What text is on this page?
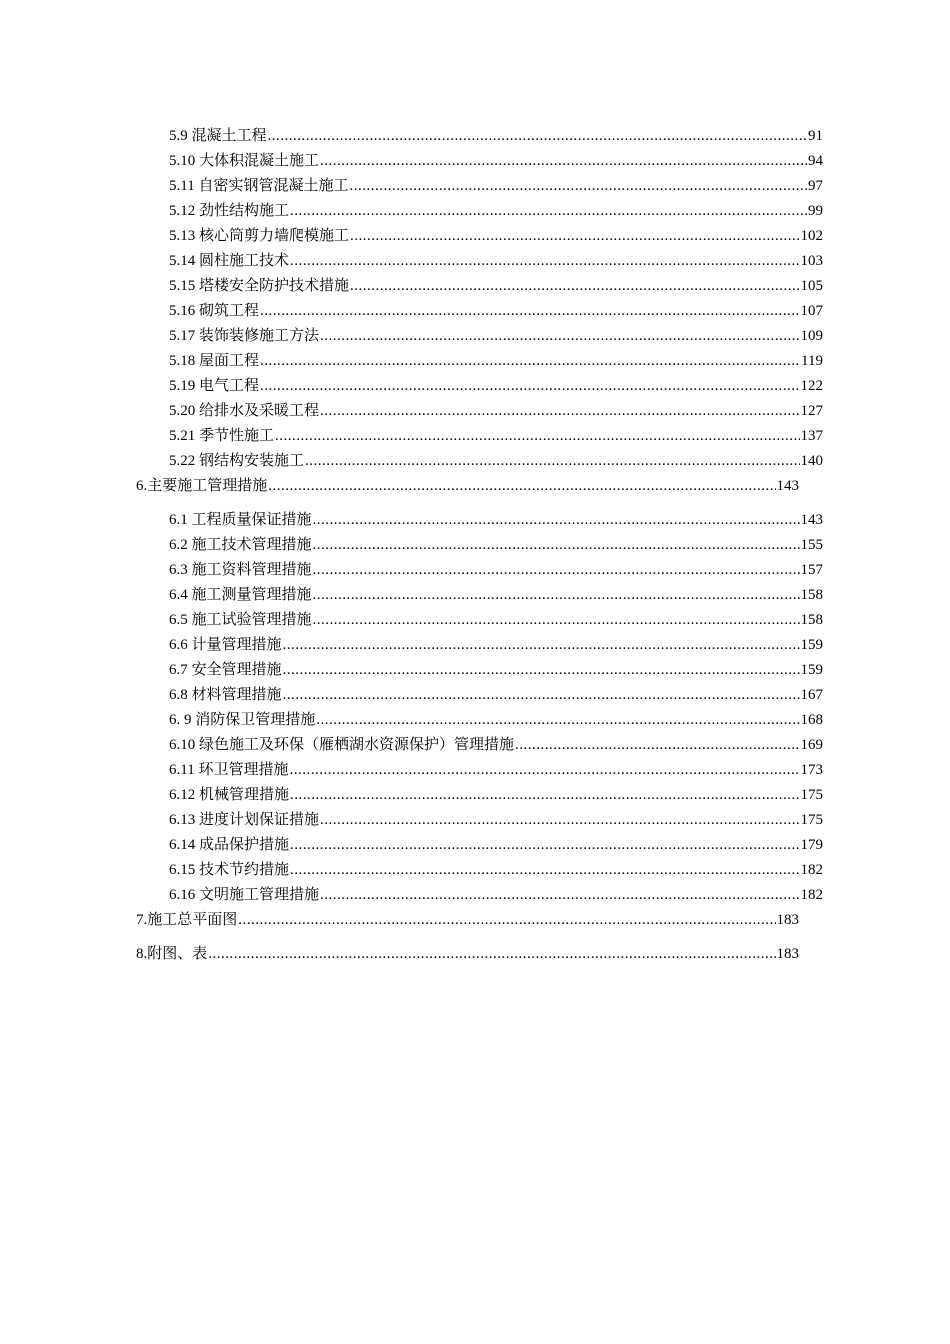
5.9 混凝土工程 .....	91
5.10 大体积混凝土施工 .....	94
5.11 自密实钢管混凝土施工 .....	97
5.12 劲性结构施工 .....	99
5.13 核心筒剪力墙爬模施工 .....	102
5.14 圆柱施工技术 .....	103
5.15 塔楼安全防护技术措施 .....	105
5.16 砌筑工程 .....	107
5.17 装饰装修施工方法 .....	109
5.18 屋面工程 .....	119
5.19 电气工程 .....	122
5.20 给排水及采暖工程 .....	127
5.21 季节性施工 .....	137
5.22 钢结构安装施工 .....	140
6.主要施工管理措施 .....	143
6.1 工程质量保证措施 .....	143
6.2 施工技术管理措施 .....	155
6.3 施工资料管理措施 .....	157
6.4 施工测量管理措施 .....	158
6.5 施工试验管理措施 .....	158
6.6 计量管理措施 .....	159
6.7 安全管理措施 .....	159
6.8 材料管理措施 .....	167
6. 9 消防保卫管理措施 .....	168
6.10 绿色施工及环保（雁栖湖水资源保护）管理措施 .....	169
6.11 环卫管理措施 .....	173
6.12 机械管理措施 .....	175
6.13 进度计划保证措施 .....	175
6.14 成品保护措施 .....	179
6.15 技术节约措施 .....	182
6.16 文明施工管理措施 .....	182
7.施工总平面图 .....	183
8.附图、表 .....	183
